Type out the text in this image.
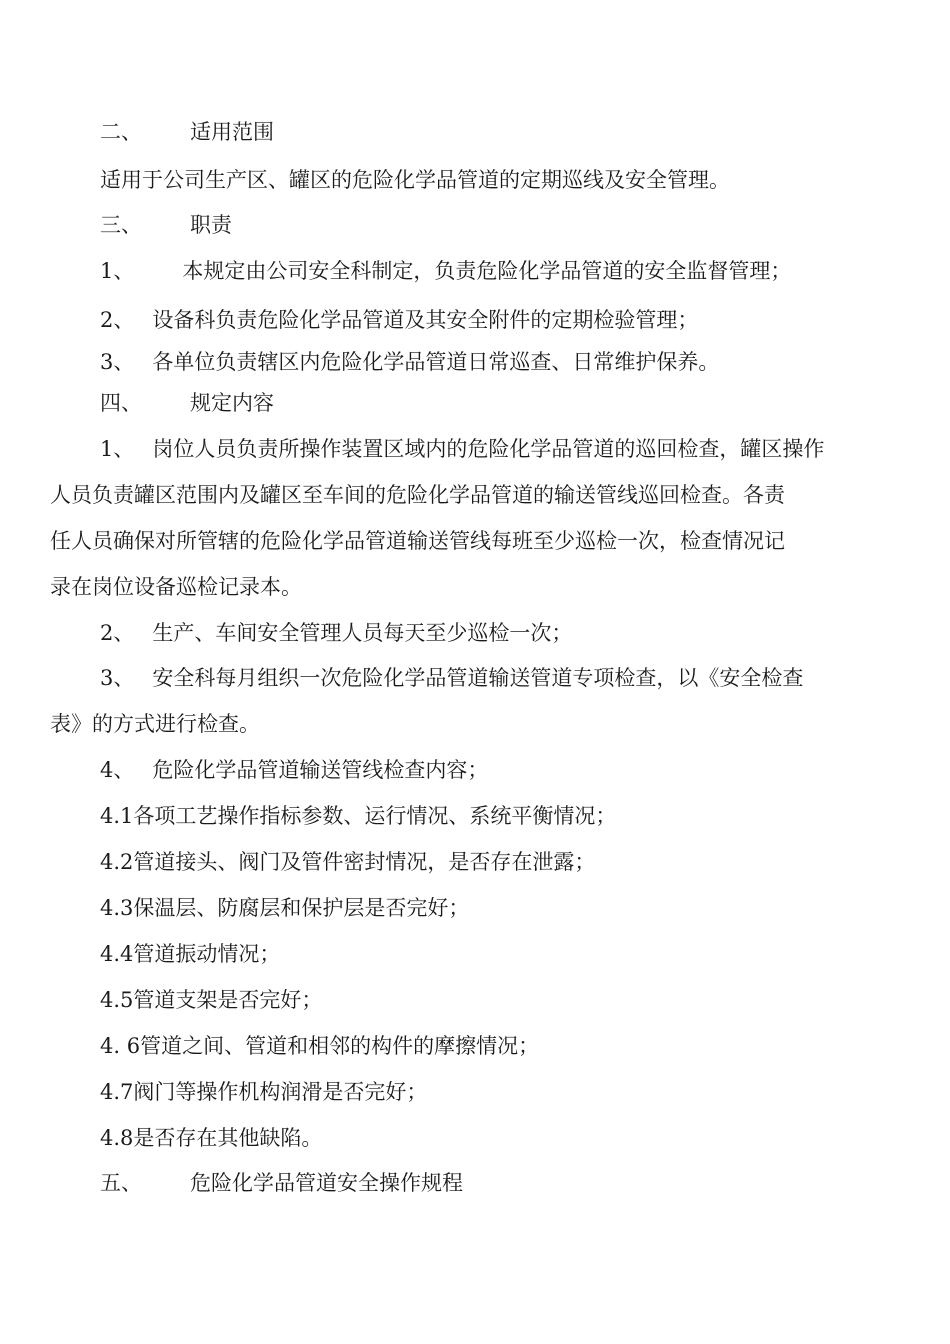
二、 适用范围
适用于公司生产区、罐区的危险化学品管道的定期巡线及安全管理。
三、 职责
1、 本规定由公司安全科制定，负责危险化学品管道的安全监督管理；
2、 设备科负责危险化学品管道及其安全附件的定期检验管理；
3、 各单位负责辖区内危险化学品管道日常巡查、日常维护保养。
四、 规定内容
1、 岗位人员负责所操作装置区域内的危险化学品管道的巡回检查，罐区操作
人员负责罐区范围内及罐区至车间的危险化学品管道的输送管线巡回检查。各责
任人员确保对所管辖的危险化学品管道输送管线每班至少巡检一次，检查情况记
录在岗位设备巡检记录本。
2、 生产、车间安全管理人员每天至少巡检一次；
3、 安全科每月组织一次危险化学品管道输送管道专项检查，以《安全检查
表》的方式进行检查。
4、 危险化学品管道输送管线检查内容；
4.1各项工艺操作指标参数、运行情况、系统平衡情况；
4.2管道接头、阀门及管件密封情况，是否存在泄露；
4.3保温层、防腐层和保护层是否完好；
4.4管道振动情况；
4.5管道支架是否完好；
4. 6管道之间、管道和相邻的构件的摩擦情况；
4.7阀门等操作机构润滑是否完好；
4.8是否存在其他缺陷。
五、 危险化学品管道安全操作规程
